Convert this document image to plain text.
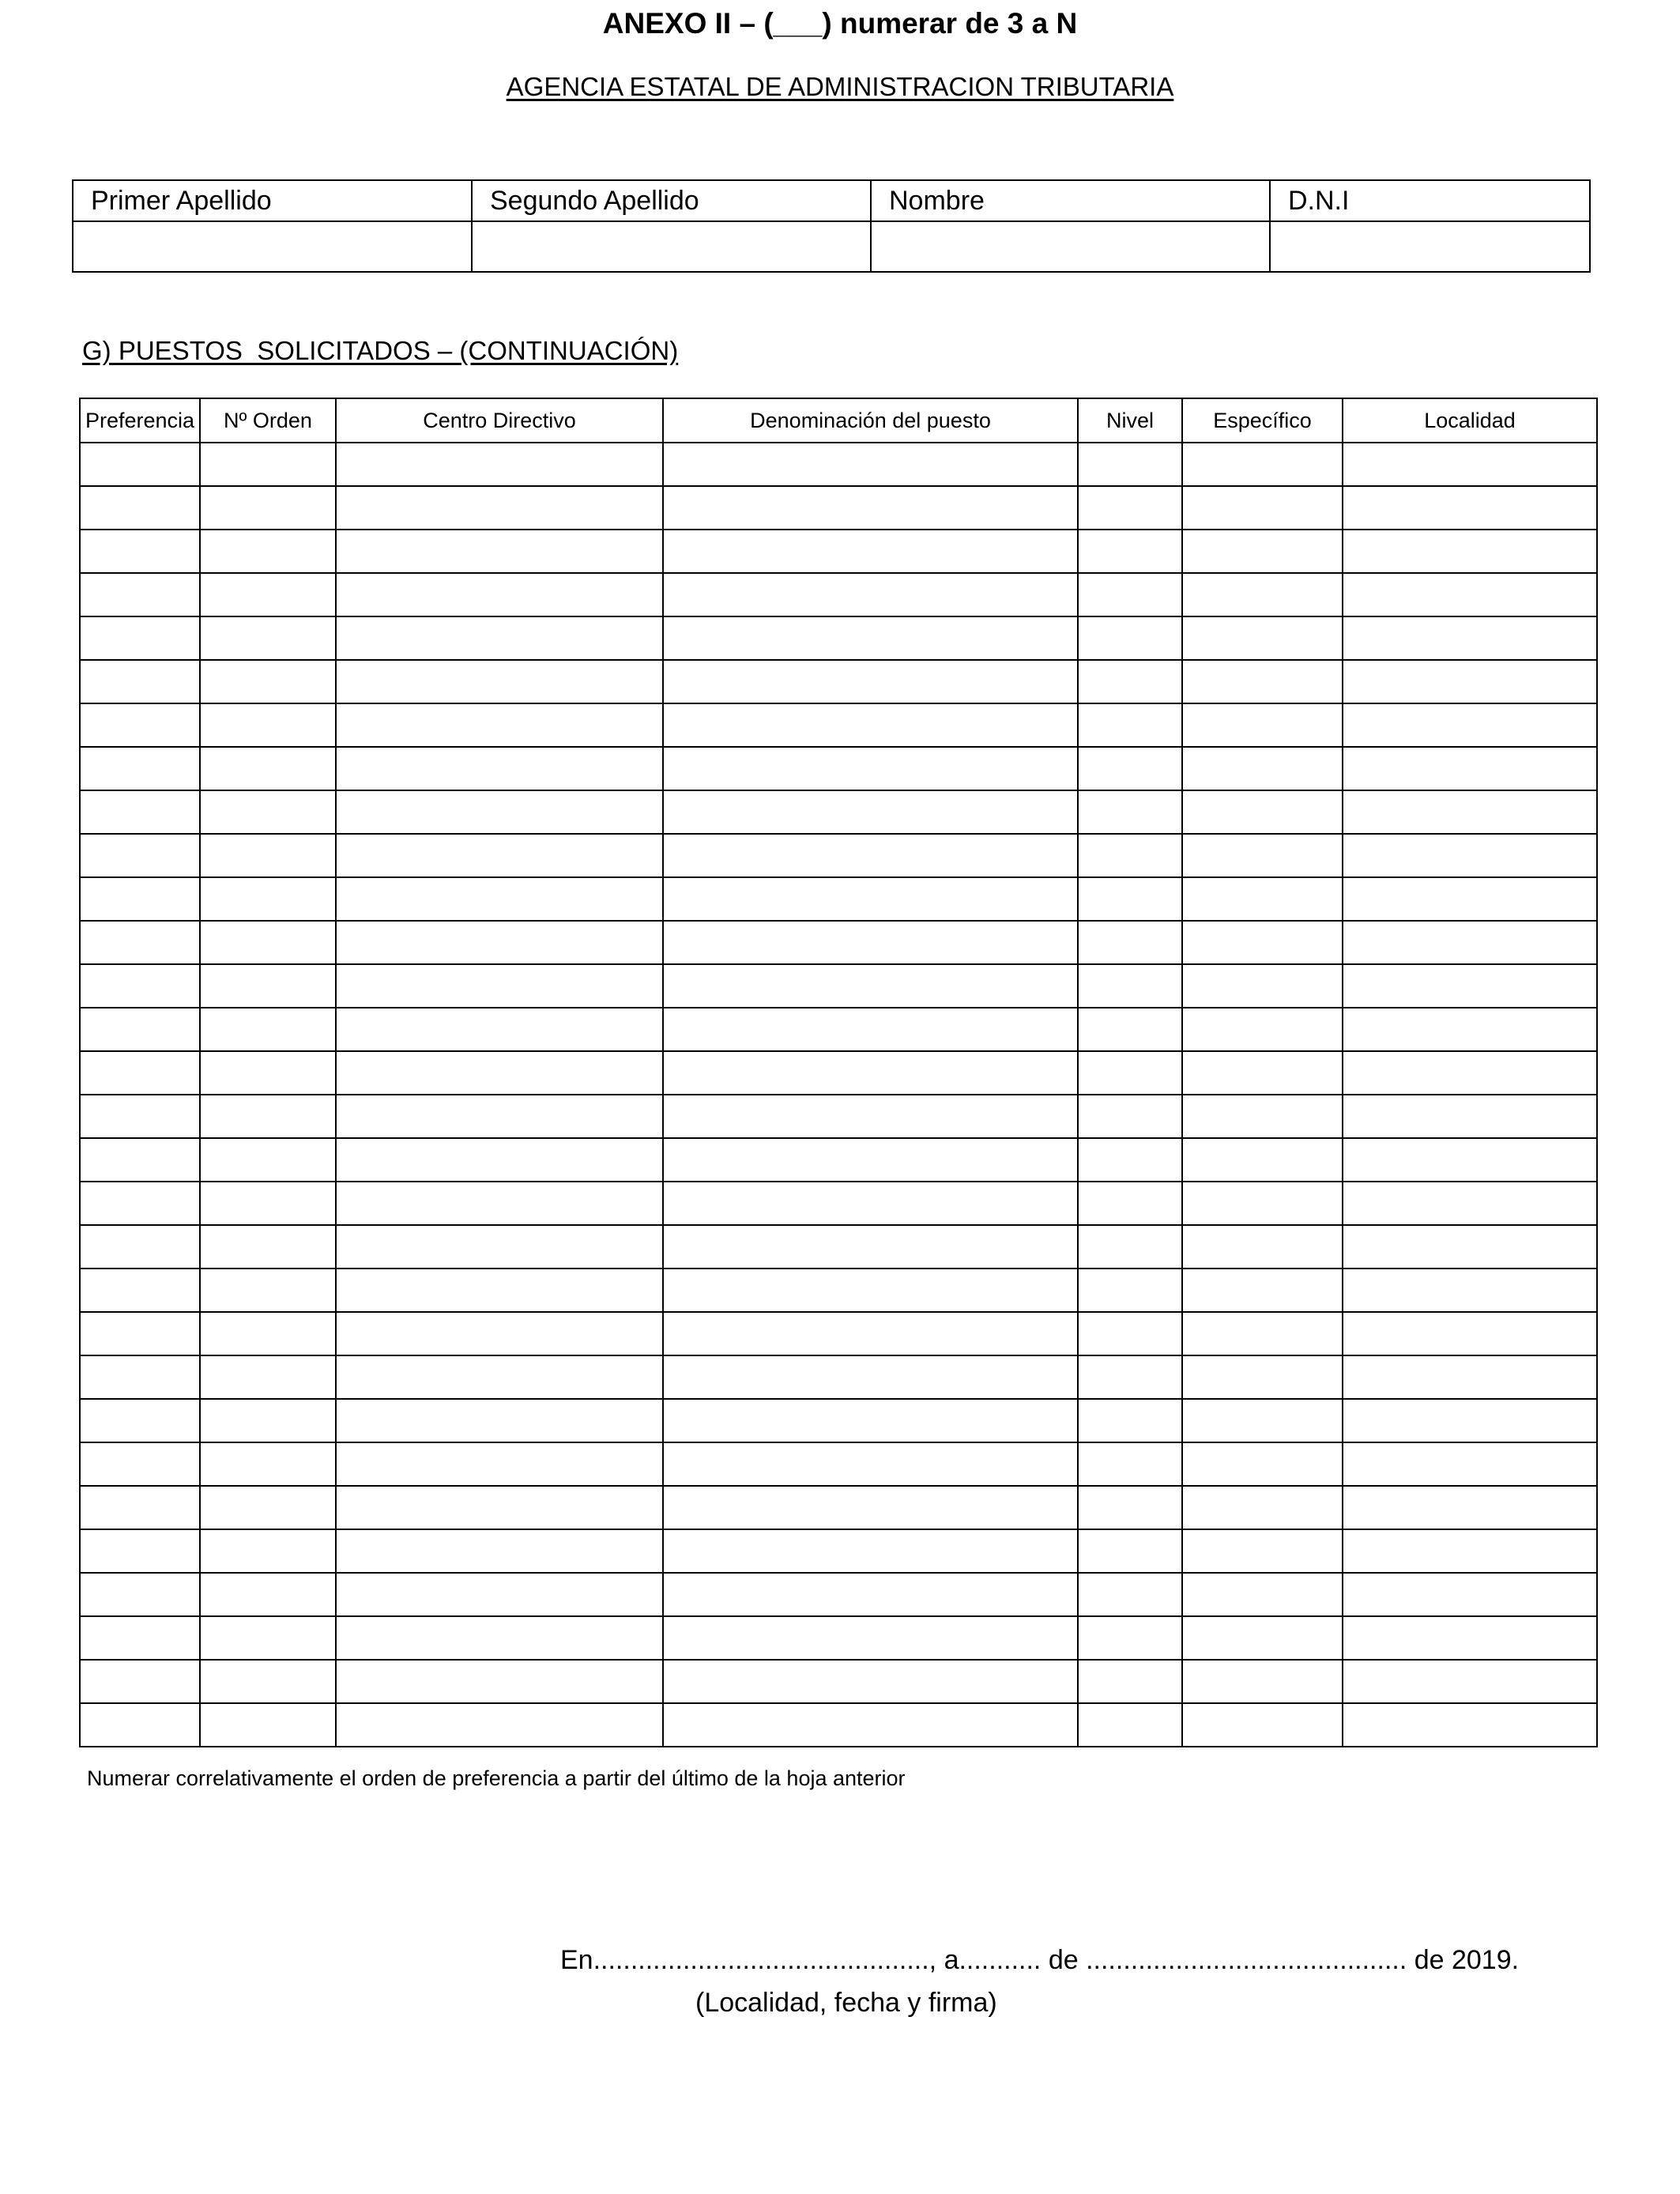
ANEXO II – (___) numerar de 3 a N
AGENCIA ESTATAL DE ADMINISTRACION TRIBUTARIA
Primer Apellido	Segundo Apellido	Nombre	D.N.I

G) PUESTOS  SOLICITADOS – (CONTINUACIÓN)
Preferencia	Nº Orden	Centro Directivo	Denominación del puesto	Nivel	Específico	Localidad

Numerar correlativamente el orden de preferencia a partir del último de la hoja anterior
En............................................., a........... de ........................................... de 2019.
(Localidad, fecha y firma)
